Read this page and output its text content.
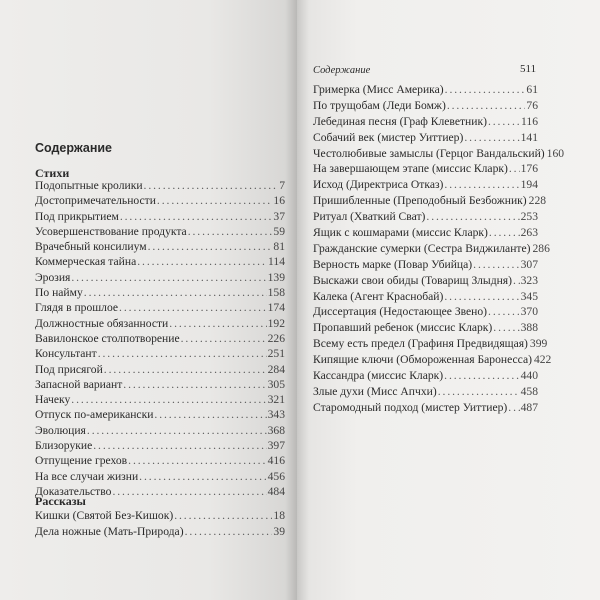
Содержание
Стихи
Подопытные кролики . . .	7
Достопримечательности . . .	16
Под прикрытием . . .	37
Усовершенствование продукта . . .	59
Врачебный консилиум . . .	81
Коммерческая тайна . . .	114
Эрозия . . .	139
По найму . . .	158
Глядя в прошлое . . .	174
Должностные обязанности . . .	192
Вавилонское столпотворение . . .	226
Консультант . . .	251
Под присягой . . .	284
Запасной вариант . . .	305
Начеку . . .	321
Отпуск по-американски . . .	343
Эволюция . . .	368
Близорукие . . .	397
Отпущение грехов . . .	416
На все случаи жизни . . .	456
Доказательство . . .	484
Рассказы
Кишки (Святой Без-Кишок) . . .	18
Дела ножные (Мать-Природа) . . .	39
Содержание	511
Гримерка (Мисс Америка) . . .	61
По трущобам (Леди Бомж) . . .	76
Лебединая песня (Граф Клеветник) . . .	116
Собачий век (мистер Уиттиер) . . .	141
Честолюбивые замыслы (Герцог Вандальский) 160
На завершающем этапе (миссис Кларк) . . . 176
Исход (Директриса Отказ) . . .	194
Пришибленные (Преподобный Безбожник) 228
Ритуал (Хваткий Сват) . . .	253
Ящик с кошмарами (миссис Кларк) . . .	263
Гражданские сумерки (Сестра Виджиланте) 286
Верность марке (Повар Убийца) . . .	307
Выскажи свои обиды (Товарищ Злыдня) . . . 323
Калека (Агент Краснобай) . . .	345
Диссертация (Недостающее Звено) . . .	370
Пропавший ребенок (миссис Кларк) . . . 388
Всему есть предел (Графиня Предвидящая) 399
Кипящие ключи (Обмороженная Баронесса) 422
Кассандра (миссис Кларк) . . .	440
Злые духи (Мисс Апчхи) . . .	458
Старомодный подход (мистер Уиттиер) . . . 487
